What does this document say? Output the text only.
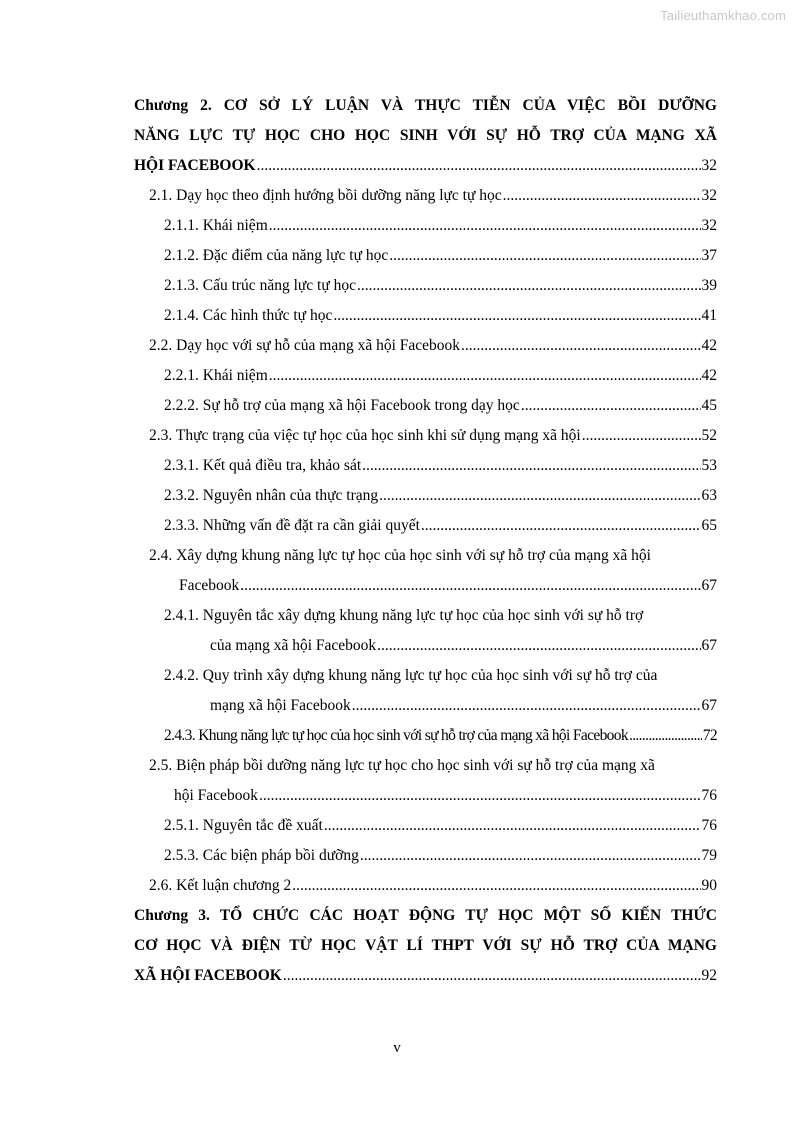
Tailieuthamkhao.com
Chương 2. CƠ SỞ LÝ LUẬN VÀ THỰC TIỄN CỦA VIỆC BỒI DƯỠNG
NĂNG LỰC TỰ HỌC CHO HỌC SINH VỚI SỰ HỖ TRỢ CỦA MẠNG XÃ
HỘI FACEBOOK .....	32
2.1. Dạy học theo định hướng bồi dưỡng năng lực tự học .....	32
2.1.1. Khái niệm .....	32
2.1.2. Đặc điểm của năng lực tự học .....	37
2.1.3. Cấu trúc năng lực tự học .....	39
2.1.4. Các hình thức tự học .....	41
2.2. Dạy học với sự hỗ của mạng xã hội Facebook .....	42
2.2.1. Khái niệm .....	42
2.2.2. Sự hỗ trợ của mạng xã hội Facebook trong dạy học .....	45
2.3. Thực trạng của việc tự học của học sinh khi sử dụng mạng xã hội .....	52
2.3.1. Kết quả điều tra, khảo sát .....	53
2.3.2. Nguyên nhân của thực trạng .....	63
2.3.3. Những vấn đề đặt ra cần giải quyết .....	65
2.4. Xây dựng khung năng lực tự học của học sinh với sự hỗ trợ của mạng xã hội
Facebook .....	67
2.4.1. Nguyên tắc xây dựng khung năng lực tự học của học sinh với sự hỗ trợ
của mạng xã hội Facebook .....	67
2.4.2. Quy trình xây dựng khung năng lực tự học của học sinh với sự hỗ trợ của
mạng xã hội Facebook .....	67
2.4.3. Khung năng lực tự học của học sinh với sự hỗ trợ của mạng xã hội Facebook .....	72
2.5. Biện pháp bồi dưỡng năng lực tự học cho học sinh với sự hỗ trợ của mạng xã
hội Facebook .....	76
2.5.1. Nguyên tắc đề xuất .....	76
2.5.3. Các biện pháp bồi dưỡng .....	79
2.6. Kết luận chương 2 .....	90
Chương 3. TỔ CHỨC CÁC HOẠT ĐỘNG TỰ HỌC MỘT SỐ KIẾN THỨC
CƠ HỌC VÀ ĐIỆN TỪ HỌC VẬT LÍ THPT VỚI SỰ HỖ TRỢ CỦA MẠNG
XÃ HỘI FACEBOOK .....	92
v
